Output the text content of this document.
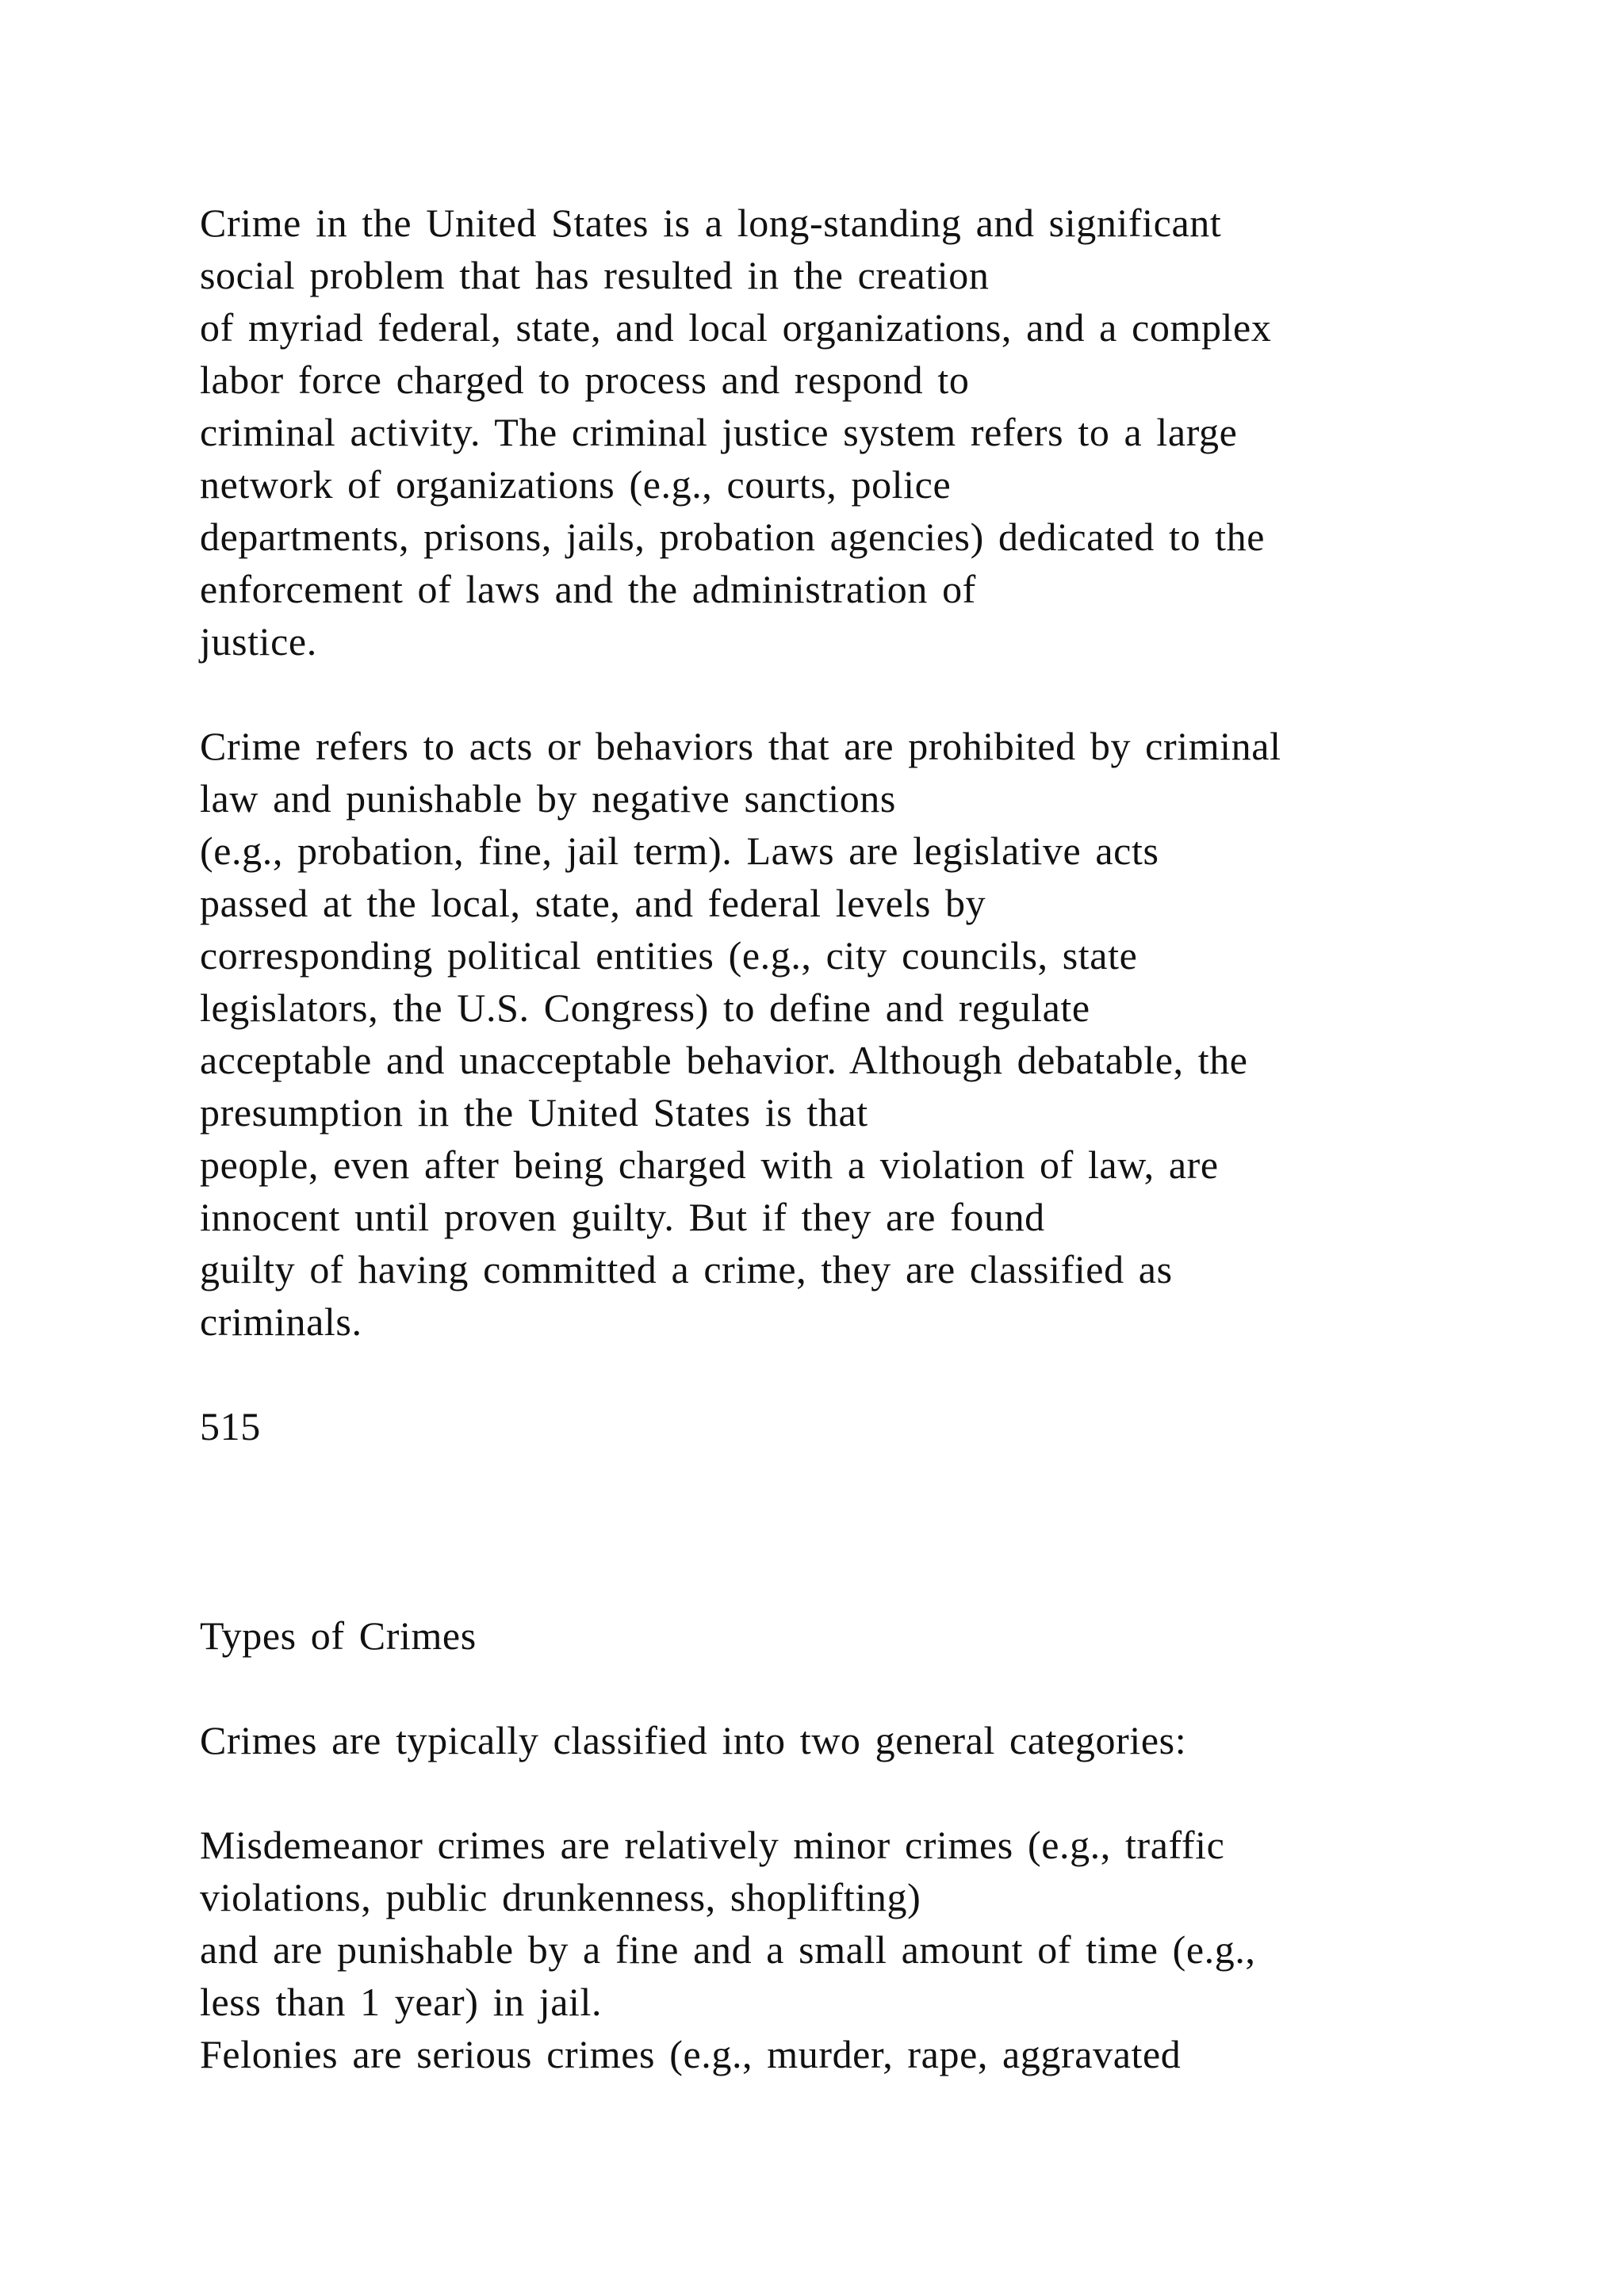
Crime in the United States is a long-standing and significant

social problem that has resulted in the creation

of myriad federal, state, and local organizations, and a complex

labor force charged to process and respond to

criminal activity. The criminal justice system refers to a large

network of organizations (e.g., courts, police

departments, prisons, jails, probation agencies) dedicated to the

enforcement of laws and the administration of

justice.

Crime refers to acts or behaviors that are prohibited by criminal

law and punishable by negative sanctions

(e.g., probation, fine, jail term). Laws are legislative acts

passed at the local, state, and federal levels by

corresponding political entities (e.g., city councils, state

legislators, the U.S. Congress) to define and regulate

acceptable and unacceptable behavior. Although debatable, the

presumption in the United States is that

people, even after being charged with a violation of law, are

innocent until proven guilty. But if they are found

guilty of having committed a crime, they are classified as

criminals.

515

Types of Crimes

Crimes are typically classified into two general categories:

Misdemeanor crimes are relatively minor crimes (e.g., traffic

violations, public drunkenness, shoplifting)

and are punishable by a fine and a small amount of time (e.g.,

less than 1 year) in jail.

Felonies are serious crimes (e.g., murder, rape, aggravated
